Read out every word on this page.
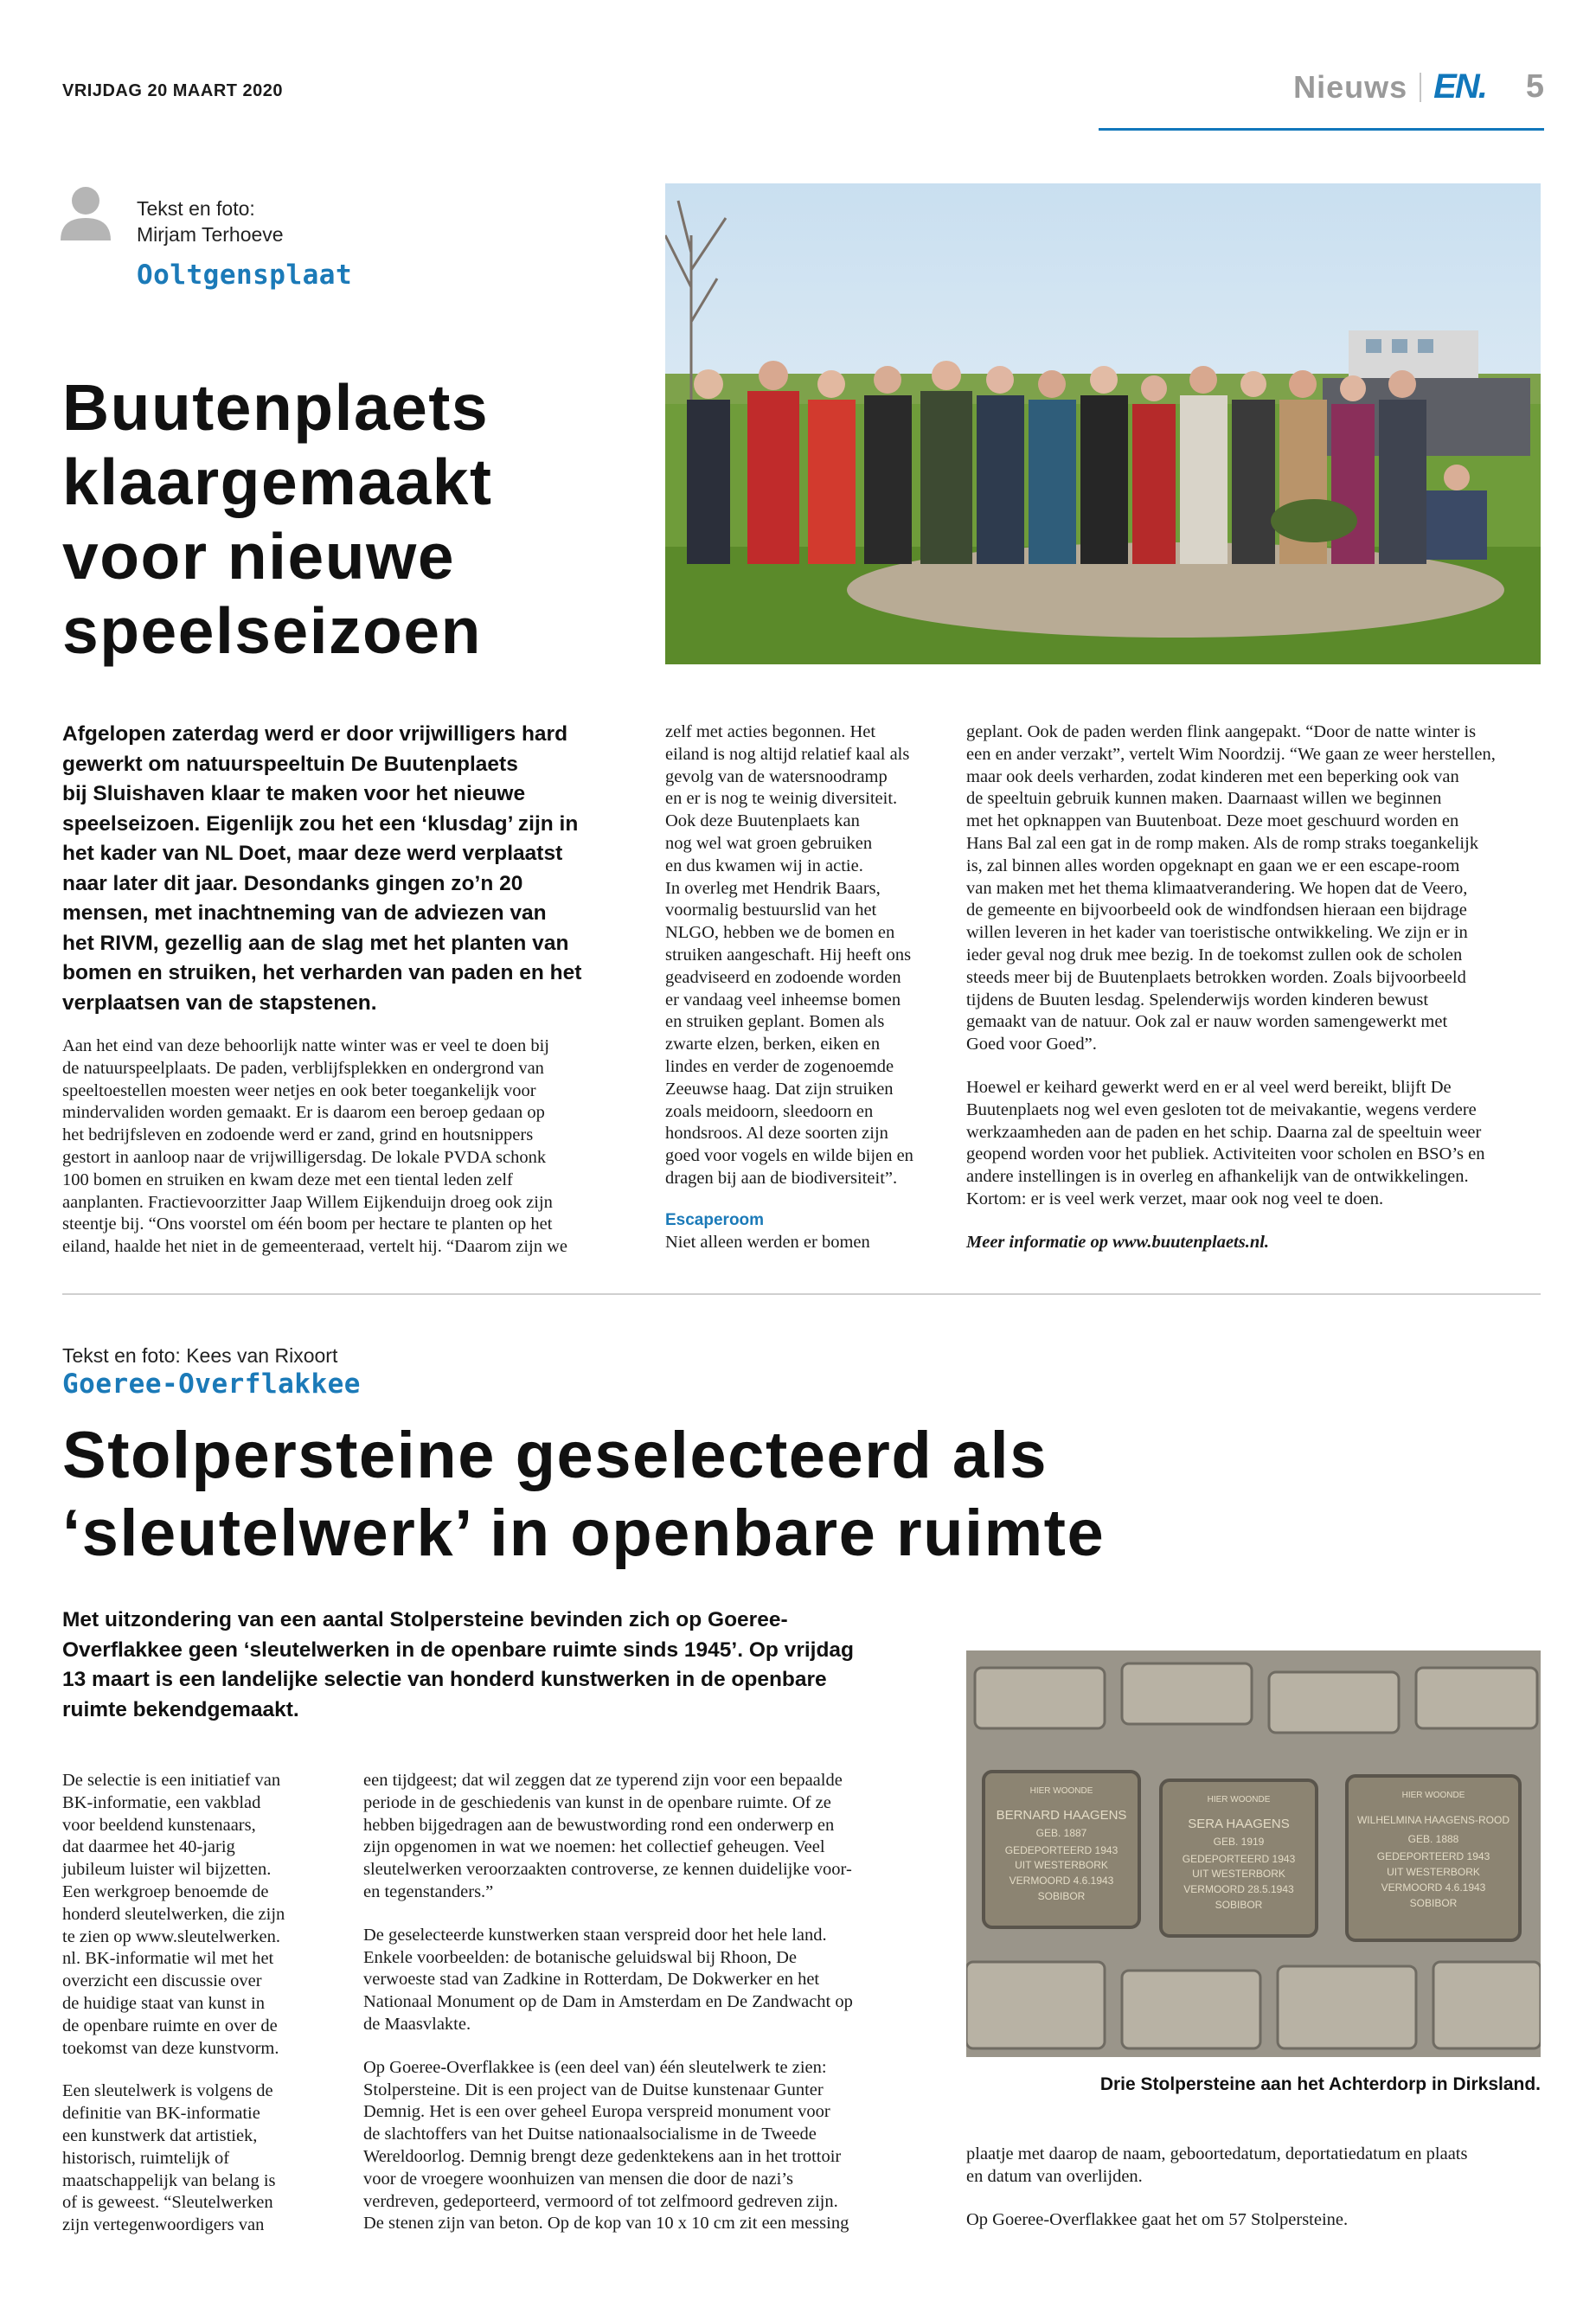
VRIJDAG 20 MAART 2020	Nieuws EN. 5
Tekst en foto:
Mirjam Terhoeve
Ooltgensplaat
Buutenplaets
klaargemaakt
voor nieuwe
speelseizoen
Afgelopen zaterdag werd er door vrijwilligers hard
gewerkt om natuurspeeltuin De Buutenplaets
bij Sluishaven klaar te maken voor het nieuwe
speelseizoen. Eigenlijk zou het een ‘klusdag’ zijn in
het kader van NL Doet, maar deze werd verplaatst
naar later dit jaar. Desondanks gingen zo’n 20
mensen, met inachtneming van de adviezen van
het RIVM, gezellig aan de slag met het planten van
bomen en struiken, het verharden van paden en het
verplaatsen van de stapstenen.
Aan het eind van deze behoorlijk natte winter was er veel te doen bij
de natuurspeelplaats. De paden, verblijfsplekken en ondergrond van
speeltoestellen moesten weer netjes en ook beter toegankelijk voor
mindervaliden worden gemaakt. Er is daarom een beroep gedaan op
het bedrijfsleven en zodoende werd er zand, grind en houtsnippers
gestort in aanloop naar de vrijwilligersdag. De lokale PVDA schonk
100 bomen en struiken en kwam deze met een tiental leden zelf
aanplanten. Fractievoorzitter Jaap Willem Eijkenduijn droeg ook zijn
steentje bij. “Ons voorstel om één boom per hectare te planten op het
eiland, haalde het niet in de gemeenteraad, vertelt hij. “Daarom zijn we
zelf met acties begonnen. Het
eiland is nog altijd relatief kaal als
gevolg van de watersnoodramp
en er is nog te weinig diversiteit.
Ook deze Buutenplaets kan
nog wel wat groen gebruiken
en dus kwamen wij in actie.
In overleg met Hendrik Baars,
voormalig bestuurslid van het
NLGO, hebben we de bomen en
struiken aangeschaft. Hij heeft ons
geadviseerd en zodoende worden
er vandaag veel inheemse bomen
en struiken geplant. Bomen als
zwarte elzen, berken, eiken en
lindes en verder de zogenoemde
Zeeuwse haag. Dat zijn struiken
zoals meidoorn, sleedoorn en
hondsroos. Al deze soorten zijn
goed voor vogels en wilde bijen en
dragen bij aan de biodiversiteit”.
Escaperoom
Niet alleen werden er bomen
geplant. Ook de paden werden flink aangepakt. “Door de natte winter is
een en ander verzakt”, vertelt Wim Noordzij. “We gaan ze weer herstellen,
maar ook deels verharden, zodat kinderen met een beperking ook van
de speeltuin gebruik kunnen maken. Daarnaast willen we beginnen
met het opknappen van Buutenboat. Deze moet geschuurd worden en
Hans Bal zal een gat in de romp maken. Als de romp straks toegankelijk
is, zal binnen alles worden opgeknapt en gaan we er een escape-room
van maken met het thema klimaatverandering. We hopen dat de Veero,
de gemeente en bijvoorbeeld ook de windfondsen hieraan een bijdrage
willen leveren in het kader van toeristische ontwikkeling. We zijn er in
ieder geval nog druk mee bezig. In de toekomst zullen ook de scholen
steeds meer bij de Buutenplaets betrokken worden. Zoals bijvoorbeeld
tijdens de Buuten lesdag. Spelenderwijs worden kinderen bewust
gemaakt van de natuur. Ook zal er nauw worden samengewerkt met
Goed voor Goed”.
Hoewel er keihard gewerkt werd en er al veel werd bereikt, blijft De
Buutenplaets nog wel even gesloten tot de meivakantie, wegens verdere
werkzaamheden aan de paden en het schip. Daarna zal de speeltuin weer
geopend worden voor het publiek. Activiteiten voor scholen en BSO’s en
andere instellingen is in overleg en afhankelijk van de ontwikkelingen.
Kortom: er is veel werk verzet, maar ook nog veel te doen.
Meer informatie op www.buutenplaets.nl.
Tekst en foto: Kees van Rixoort
Goeree-Overflakkee
Stolpersteine geselecteerd als
‘sleutelwerk’ in openbare ruimte
Met uitzondering van een aantal Stolpersteine bevinden zich op Goeree-
Overflakkee geen ‘sleutelwerken in de openbare ruimte sinds 1945’. Op vrijdag
13 maart is een landelijke selectie van honderd kunstwerken in de openbare
ruimte bekendgemaakt.
De selectie is een initiatief van
BK-informatie, een vakblad
voor beeldend kunstenaars,
dat daarmee het 40-jarig
jubileum luister wil bijzetten.
Een werkgroep benoemde de
honderd sleutelwerken, die zijn
te zien op www.sleutelwerken.
nl. BK-informatie wil met het
overzicht een discussie over
de huidige staat van kunst in
de openbare ruimte en over de
toekomst van deze kunstvorm.
Een sleutelwerk is volgens de
definitie van BK-informatie
een kunstwerk dat artistiek,
historisch, ruimtelijk of
maatschappelijk van belang is
of is geweest. “Sleutelwerken
zijn vertegenwoordigers van
een tijdgeest; dat wil zeggen dat ze typerend zijn voor een bepaalde
periode in de geschiedenis van kunst in de openbare ruimte. Of ze
hebben bijgedragen aan de bewustwording rond een onderwerp en
zijn opgenomen in wat we noemen: het collectief geheugen. Veel
sleutelwerken veroorzaakten controverse, ze kennen duidelijke voor-
en tegenstanders.”
De geselecteerde kunstwerken staan verspreid door het hele land.
Enkele voorbeelden: de botanische geluidswal bij Rhoon, De
verwoeste stad van Zadkine in Rotterdam, De Dokwerker en het
Nationaal Monument op de Dam in Amsterdam en De Zandwacht op
de Maasvlakte.
Op Goeree-Overflakkee is (een deel van) één sleutelwerk te zien:
Stolpersteine. Dit is een project van de Duitse kunstenaar Gunter
Demnig. Het is een over geheel Europa verspreid monument voor
de slachtoffers van het Duitse nationaalsocialisme in de Tweede
Wereldoorlog. Demnig brengt deze gedenktekens aan in het trottoir
voor de vroegere woonhuizen van mensen die door de nazi’s
verdreven, gedeporteerd, vermoord of tot zelfmoord gedreven zijn.
De stenen zijn van beton. Op de kop van 10 x 10 cm zit een messing
HIER WOONDE
BERNARD HAAGENS
GEB. 1887
GEDEPORTEERD 1943
UIT WESTERBORK
VERMOORD 4.6.1943
SOBIBOR
HIER WOONDE
SERA HAAGENS
GEB. 1919
GEDEPORTEERD 1943
UIT WESTERBORK
VERMOORD 28.5.1943
SOBIBOR
HIER WOONDE
WILHELMINA HAAGENS-ROOD
GEB. 1888
GEDEPORTEERD 1943
UIT WESTERBORK
VERMOORD 4.6.1943
SOBIBOR
Drie Stolpersteine aan het Achterdorp in Dirksland.
plaatje met daarop de naam, geboortedatum, deportatiedatum en plaats
en datum van overlijden.
Op Goeree-Overflakkee gaat het om 57 Stolpersteine.
